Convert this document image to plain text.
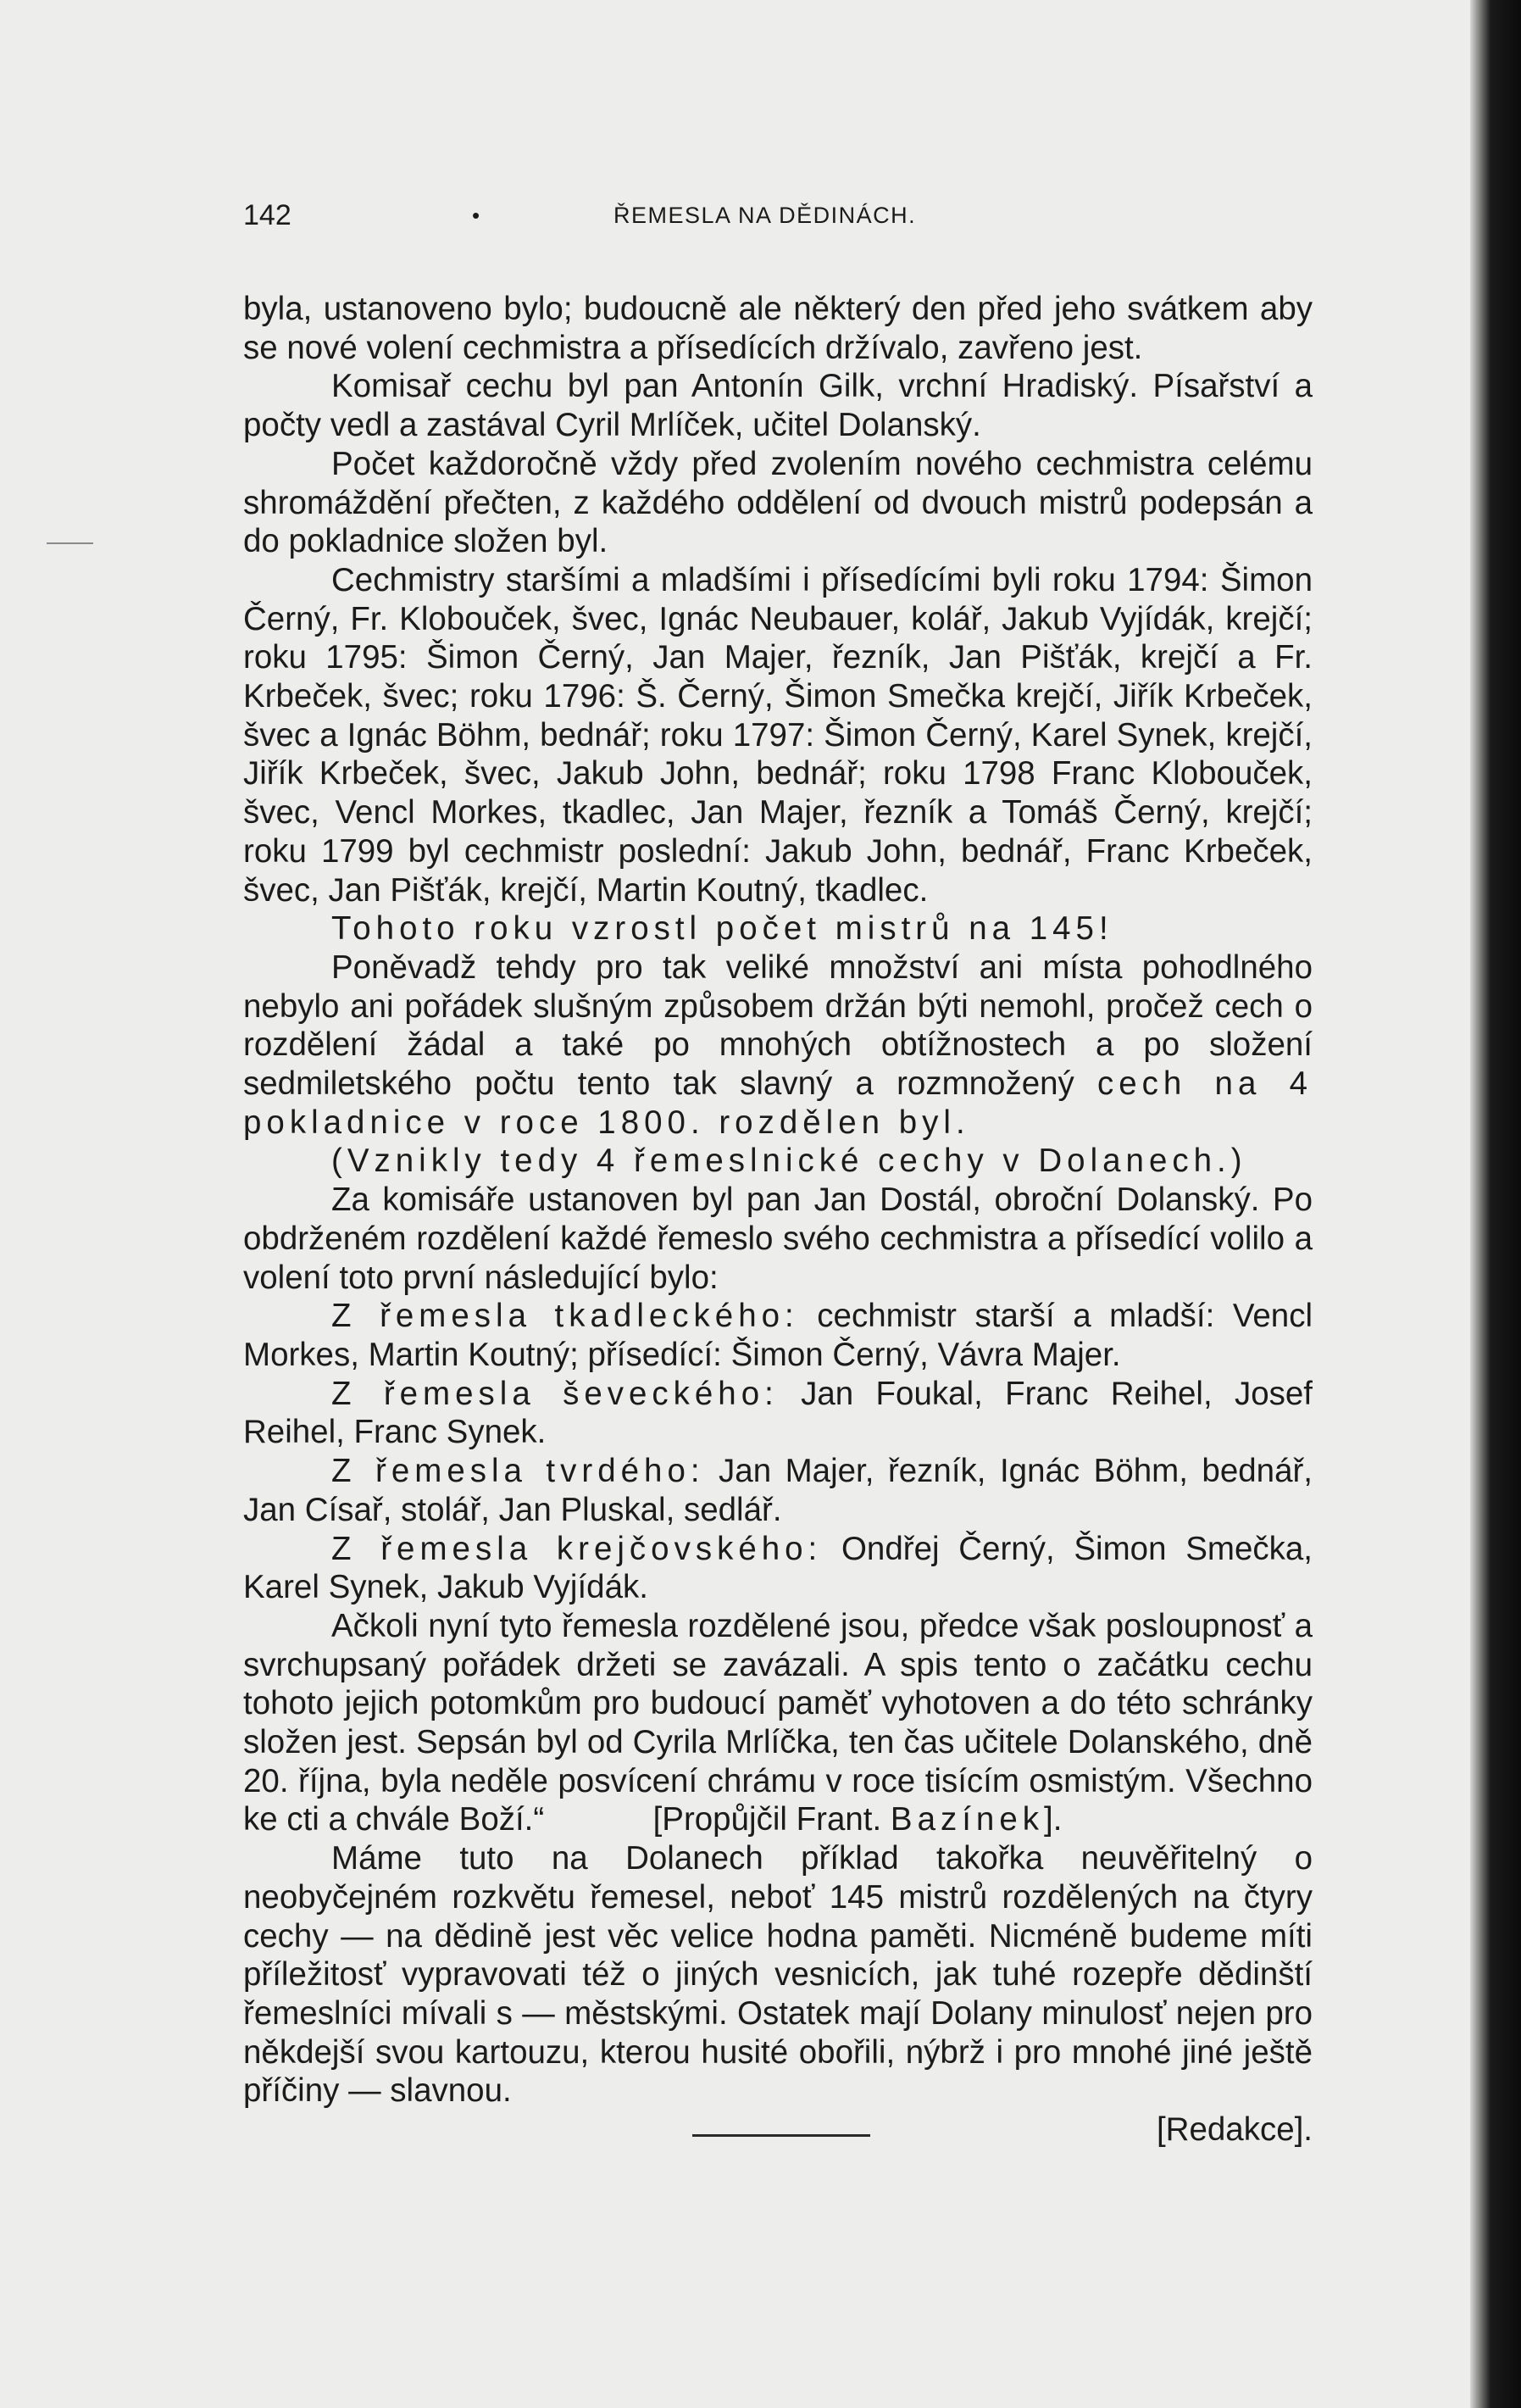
142	•	ŘEMESLA NA DĚDINÁCH.

byla, ustanoveno bylo; budoucně ale některý den před jeho svátkem aby se nové volení cechmistra a přísedících držívalo, zavřeno jest.

Komisař cechu byl pan Antonín Gilk, vrchní Hradiský. Písařství a počty vedl a zastával Cyril Mrlíček, učitel Dolanský.

Počet každoročně vždy před zvolením nového cechmistra celému shromáždění přečten, z každého oddělení od dvouch mistrů podepsán a do pokladnice složen byl.

Cechmistry staršími a mladšími i přísedícími byli roku 1794: Šimon Černý, Fr. Klobouček, švec, Ignác Neubauer, kolář, Jakub Vyjídák, krejčí; roku 1795: Šimon Černý, Jan Majer, řezník, Jan Pišťák, krejčí a Fr. Krbeček, švec; roku 1796: Š. Černý, Šimon Smečka krejčí, Jiřík Krbeček, švec a Ignác Böhm, bednář; roku 1797: Šimon Černý, Karel Synek, krejčí, Jiřík Krbeček, švec, Jakub John, bednář; roku 1798 Franc Klobouček, švec, Vencl Morkes, tkadlec, Jan Majer, řezník a Tomáš Černý, krejčí; roku 1799 byl cechmistr poslední: Jakub John, bednář, Franc Krbeček, švec, Jan Pišťák, krejčí, Martin Koutný, tkadlec.

Tohoto roku vzrostl počet mistrů na 145!

Poněvadž tehdy pro tak veliké množství ani místa pohodlného nebylo ani pořádek slušným způsobem držán býti nemohl, pročež cech o rozdělení žádal a také po mnohých obtížnostech a po složení sedmiletského počtu tento tak slavný a rozmnožený cech na 4 pokladnice v roce 1800. rozdělen byl.

(Vznikly tedy 4 řemeslnické cechy v Dolanech.)

Za komisáře ustanoven byl pan Jan Dostál, obroční Dolanský. Po obdrženém rozdělení každé řemeslo svého cechmistra a přísedící volilo a volení toto první následující bylo:

Z řemesla tkadleckého: cechmistr starší a mladší: Vencl Morkes, Martin Koutný; přísedící: Šimon Černý, Vávra Majer.

Z řemesla ševeckého: Jan Foukal, Franc Reihel, Josef Reihel, Franc Synek.

Z řemesla tvrdého: Jan Majer, řezník, Ignác Böhm, bednář, Jan Císař, stolář, Jan Pluskal, sedlář.

Z řemesla krejčovského: Ondřej Černý, Šimon Smečka, Karel Synek, Jakub Vyjídák.

Ačkoli nyní tyto řemesla rozdělené jsou, předce však posloupnosť a svrchupsaný pořádek držeti se zavázali. A spis tento o začátku cechu tohoto jejich potomkům pro budoucí paměť vyhotoven a do této schránky složen jest. Sepsán byl od Cyrila Mrlíčka, ten čas učitele Dolanského, dně 20. října, byla neděle posvícení chrámu v roce tisícím osmistým. Všechno ke cti a chvále Boží.“	[Propůjčil Frant. Bazínek].

Máme tuto na Dolanech příklad takořka neuvěřitelný o neobyčejném rozkvětu řemesel, neboť 145 mistrů rozdělených na čtyry cechy — na dědině jest věc velice hodna paměti. Nicméně budeme míti příležitosť vypravovati též o jiných vesnicích, jak tuhé rozepře dědinští řemeslníci mívali s — městskými. Ostatek mají Dolany minulosť nejen pro někdejší svou kartouzu, kterou husité obořili, nýbrž i pro mnohé jiné ještě příčiny — slavnou.

[Redakce].
